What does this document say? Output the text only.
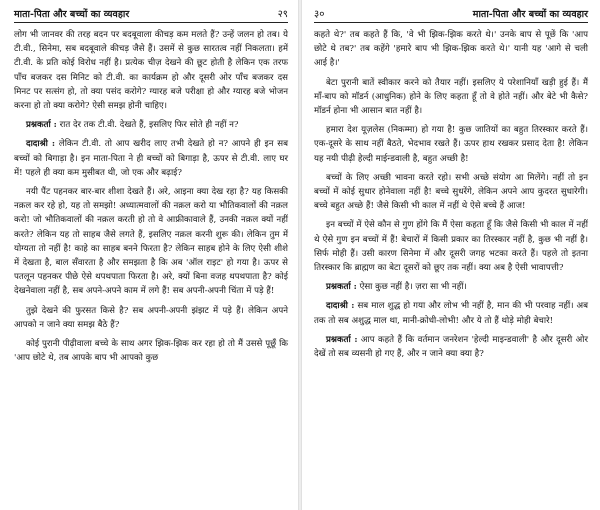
माता-पिता और बच्चों का व्यवहार	२९

लोग भी जानवर की तरह बदन पर बदबूवाला कीचड़ कम मलते हैं? उन्हें जलन हो तब। ये टी.वी., सिनेमा, सब बदबूवाले कीचड़ जैसे हैं। उसमें से कुछ सारतत्व नहीं निकलता। हमें टी.वी. के प्रति कोई विरोध नहीं है। प्रत्येक चीज़ देखने की छूट होती है लेकिन एक तरफ पाँच बजकर दस मिनिट को टी.वी. का कार्यक्रम हो और दूसरी ओर पाँच बजकर दस मिनट पर सत्संग हो, तो क्या पसंद करोगे? ग्यारह बजे परीक्षा हो और ग्यारह बजे भोजन करना हो तो क्या करोगे? ऐसी समझ होनी चाहिए।

प्रश्नकर्ता : रात देर तक टी.वी. देखते हैं, इसलिए फिर सोते ही नहीं न?

दादाश्री : लेकिन टी.वी. तो आप खरीद लाए तभी देखते हो न? आपने ही इन सब बच्चों को बिगाड़ा है। इन माता-पिता ने ही बच्चों को बिगाड़ा है, ऊपर से टी.वी. लाए घर में! पहले ही क्या कम मुसीबत थी, जो एक और बढ़ाई?

नयी पैंट पहनकर बार-बार शीशा देखते हैं। अरे, आइना क्या देख रहा है? यह किसकी नक़ल कर रहे हो, यह तो समझो! अध्यात्मवालों की नक़ल करो या भौतिकवालों की नक़ल करो! जो भौतिकवालों की नक़ल करती हो तो वे आफ्रीकावाले हैं, उनकी नक़ल क्यों नहीं करते? लेकिन यह तो साहब जैसे लगते हैं, इसलिए नक़ल करनी शुरू की। लेकिन तुम में योग्यता तो नहीं है! काहे का साहब बनने फिरता है? लेकिन साहब होने के लिए ऐसी शीशे में देखता है, बाल सँवारता है और समझता है कि अब 'ऑल राइट' हो गया है। ऊपर से पतलून पहनकर पीछे ऐसे थपथपाता फिरता है। अरे, क्यों बिना वजह थपथपाता है? कोई देखनेवाला नहीं है, सब अपने-अपने काम में लगे हैं! सब अपनी-अपनी चिंता में पड़े हैं!

तुझे देखने की फुरसत किसे है? सब अपनी-अपनी झंझट में पड़े हैं। लेकिन अपने आपको न जाने क्या समझ बैठे हैं?

कोई पुरानी पीढ़ीवाला बच्चे के साथ अगर झिक-झिक कर रहा हो तो मैं उससे पूछूँ कि 'आप छोटे थे, तब आपके बाप भी आपको कुछ

३०	माता-पिता और बच्चों का व्यवहार

कहते थे?' तब कहते हैं कि, 'वे भी झिक-झिक करते थे।' उनके बाप से पूछें कि 'आप छोटे थे तब?' तब कहेंगे 'हमारे बाप भी झिक-झिक करते थे।' यानी यह 'आगे से चली आई है।'

बेटा पुरानी बातें स्वीकार करने को तैयार नहीं। इसलिए ये परेशानियाँ खड़ी हुई हैं। मैं माँ-बाप को मॉडर्न (आधुनिक) होने के लिए कहता हूँ तो वे होते नहीं। और बेटे भी कैसे? मॉडर्न होना भी आसान बात नहीं है।

हमारा देश यूज़लेस (निकम्मा) हो गया है! कुछ जातियों का बहुत तिरस्कार करते हैं। एक-दूसरे के साथ नहीं बैठते, भेदभाव रखते हैं। ऊपर हाथ रखकर प्रसाद देता है! लेकिन यह नयी पीढ़ी हेल्दी माईन्डवाली है, बहुत अच्छी है!

बच्चों के लिए अच्छी भावना करते रहो। सभी अच्छे संयोग आ मिलेंगे। नहीं तो इन बच्चों में कोई सुधार होनेवाला नहीं है! बच्चे सुधरेंगे, लेकिन अपने आप कुदरत सुधारेगी। बच्चे बहुत अच्छे हैं! जैसे किसी भी काल में नहीं थे ऐसे बच्चे हैं आज!

इन बच्चों में ऐसे कौन से गुण होंगे कि मैं ऐसा कहता हूँ कि जैसे किसी भी काल में नहीं थे ऐसे गुण इन बच्चों में हैं! बेचारों में किसी प्रकार का तिरस्कार नहीं है, कुछ भी नहीं है। सिर्फ मोही हैं। उसी कारण सिनेमा में और दूसरी जगह भटका करते हैं। पहले तो इतना तिरस्कार कि ब्राह्मण का बेटा दूसरों को छूए तक नहीं। क्या अब है ऐसी भावापत्ती?

प्रश्नकर्ता : ऐसा कुछ नहीं है। ज़रा सा भी नहीं।

दादाश्री : सब माल शुद्ध हो गया और लोभ भी नहीं है, मान की भी परवाह नहीं। अब तक तो सब अशुद्ध माल था, मानी-क्रोधी-लोभी! और ये तो हैं थोड़े मोही बेचारे!

प्रश्नकर्ता : आप कहते हैं कि वर्तमान जनरेशन 'हेल्दी माइन्डवाली' है और दूसरी ओर देखें तो सब व्यसनी हो गए हैं, और न जाने क्या क्या है?
